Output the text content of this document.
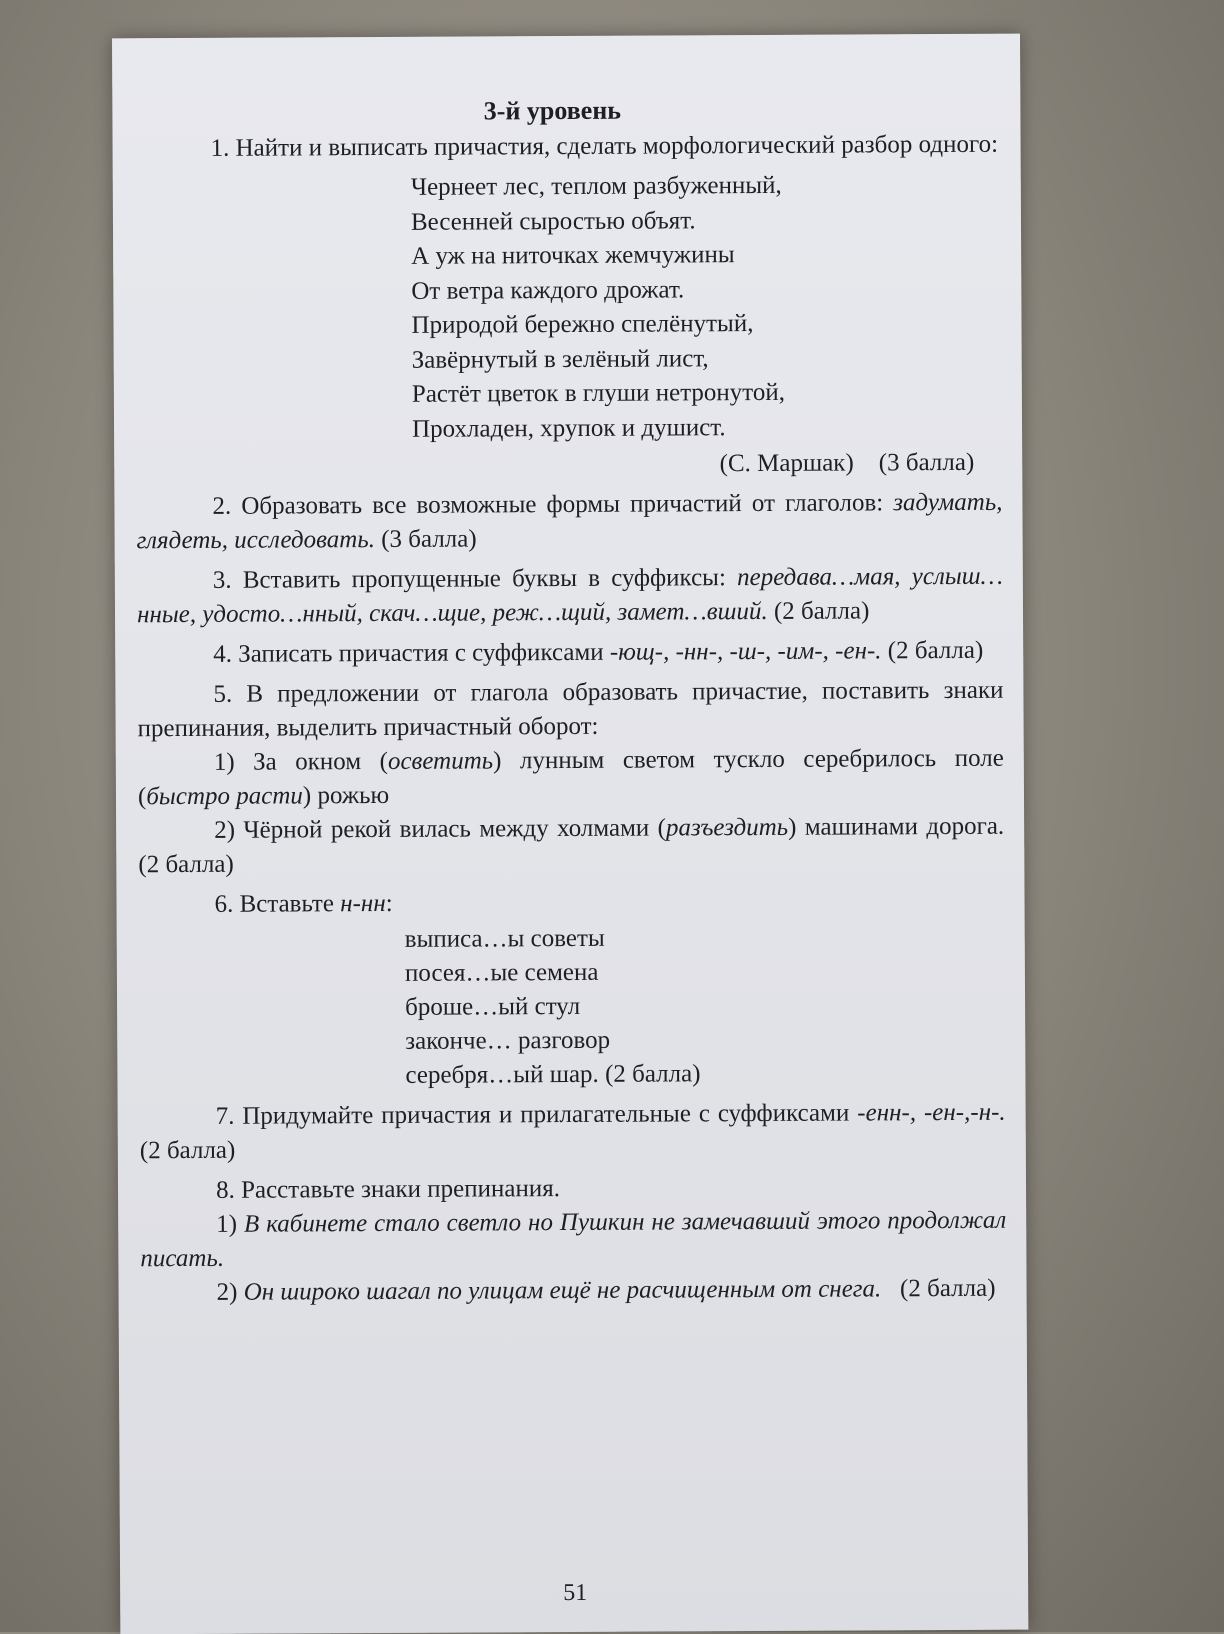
3-й уровень

1. Найти и выписать причастия, сделать морфологический разбор одного:

Чернеет лес, теплом разбуженный,
Весенней сыростью объят.
А уж на ниточках жемчужины
От ветра каждого дрожат.
Природой бережно спелёнутый,
Завёрнутый в зелёный лист,
Растёт цветок в глуши нетронутой,
Прохладен, хрупок и душист.
(С. Маршак)    (3 балла)

2. Образовать все возможные формы причастий от глаголов: задумать, глядеть, исследовать. (3 балла)

3. Вставить пропущенные буквы в суффиксы: передава…мая, услыш…нные, удосто…нный, скач…щие, реж…щий, замет…вший. (2 балла)

4. Записать причастия с суффиксами -ющ-, -нн-, -ш-, -им-, -ен-. (2 балла)

5. В предложении от глагола образовать причастие, поставить знаки препинания, выделить причастный оборот:

1) За окном (осветить) лунным светом тускло серебрилось поле (быстро расти) рожью

2) Чёрной рекой вилась между холмами (разъездить) машинами дорога. (2 балла)

6. Вставьте н-нн:

выписа…ы советы
посея…ые семена
броше…ый стул
законче… разговор
серебря…ый шар. (2 балла)

7. Придумайте причастия и прилагательные с суффиксами -енн-, -ен-,-н-. (2 балла)

8. Расставьте знаки препинания.

1) В кабинете стало светло но Пушкин не замечавший этого продолжал писать.

2) Он широко шагал по улицам ещё не расчищенным от снега. (2 балла)

51
